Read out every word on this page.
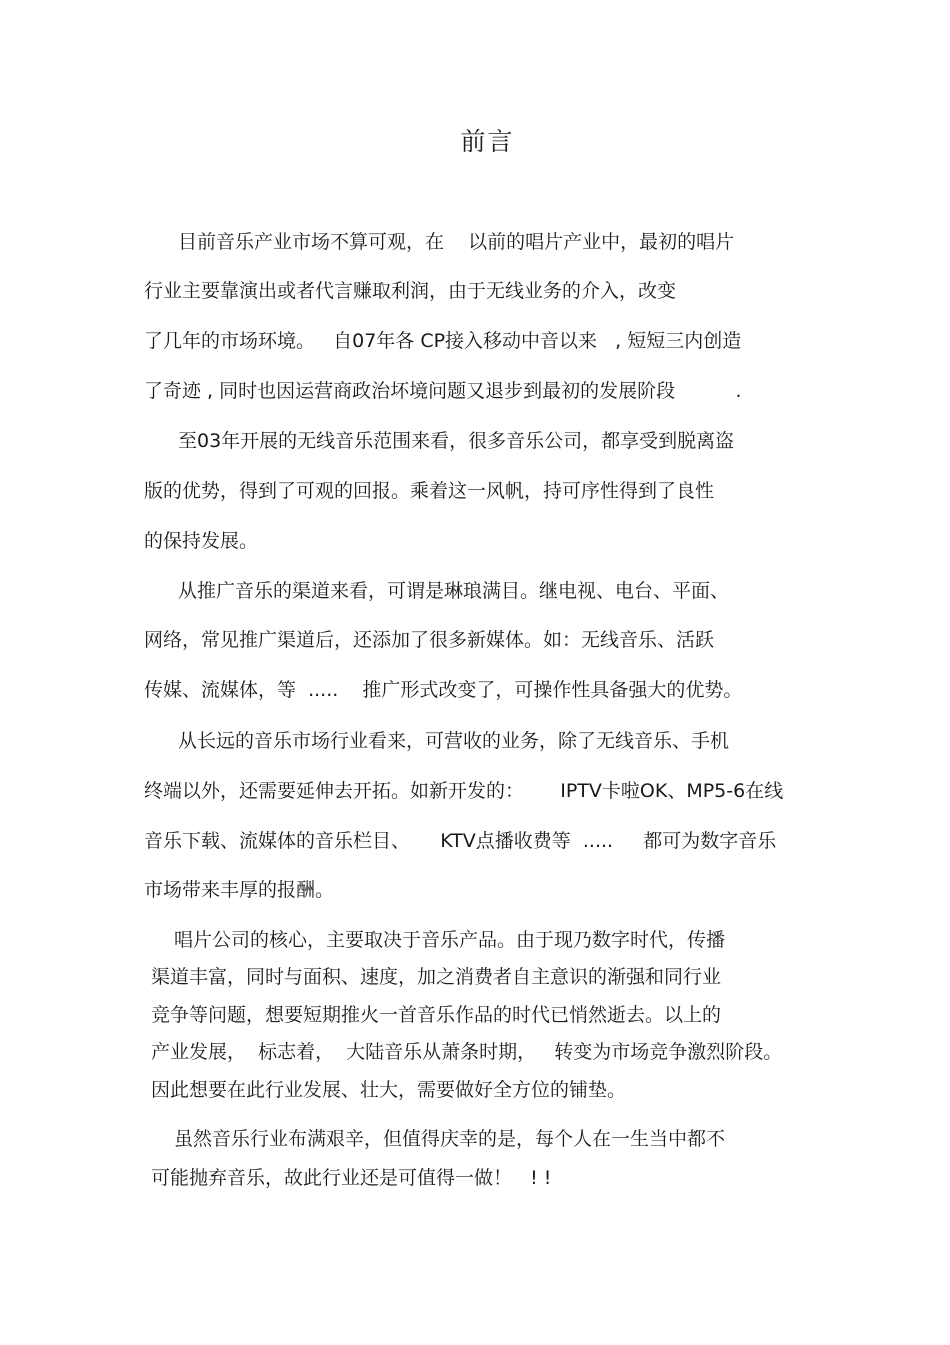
前言

目前音乐产业市场不算可观，在    以前的唱片产业中，最初的唱片

行业主要靠演出或者代言赚取利润，由于无线业务的介入，改变

了几年的市场环境。   自07年各 CP接入移动中音以来   , 短短三内创造

了奇迹 , 同时也因运营商政治坏境问题又退步到最初的发展阶段          .

至03年开展的无线音乐范围来看，很多音乐公司，都享受到脱离盗

版的优势，得到了可观的回报。乘着这一风帆，持可序性得到了良性

的保持发展。

从推广音乐的渠道来看，可谓是琳琅满目。继电视、电台、平面、

网络，常见推广渠道后，还添加了很多新媒体。如：无线音乐、活跃

传媒、流媒体，等  .....    推广形式改变了，可操作性具备强大的优势。

从长远的音乐市场行业看来，可营收的业务，除了无线音乐、手机

终端以外，还需要延伸去开拓。如新开发的：      IPTV卡啦OK、MP5-6在线

音乐下载、流媒体的音乐栏目、     KTV点播收费等  .....     都可为数字音乐

市场带来丰厚的报酬。

唱片公司的核心，主要取决于音乐产品。由于现乃数字时代，传播

渠道丰富，同时与面积、速度，加之消费者自主意识的渐强和同行业

竞争等问题，想要短期推火一首音乐作品的时代已悄然逝去。以上的

产业发展，  标志着，  大陆音乐从萧条时期，   转变为市场竞争激烈阶段。

因此想要在此行业发展、壮大，需要做好全方位的铺垫。

虽然音乐行业布满艰辛，但值得庆幸的是，每个人在一生当中都不

可能抛弃音乐，故此行业还是可值得一做！   ! !
